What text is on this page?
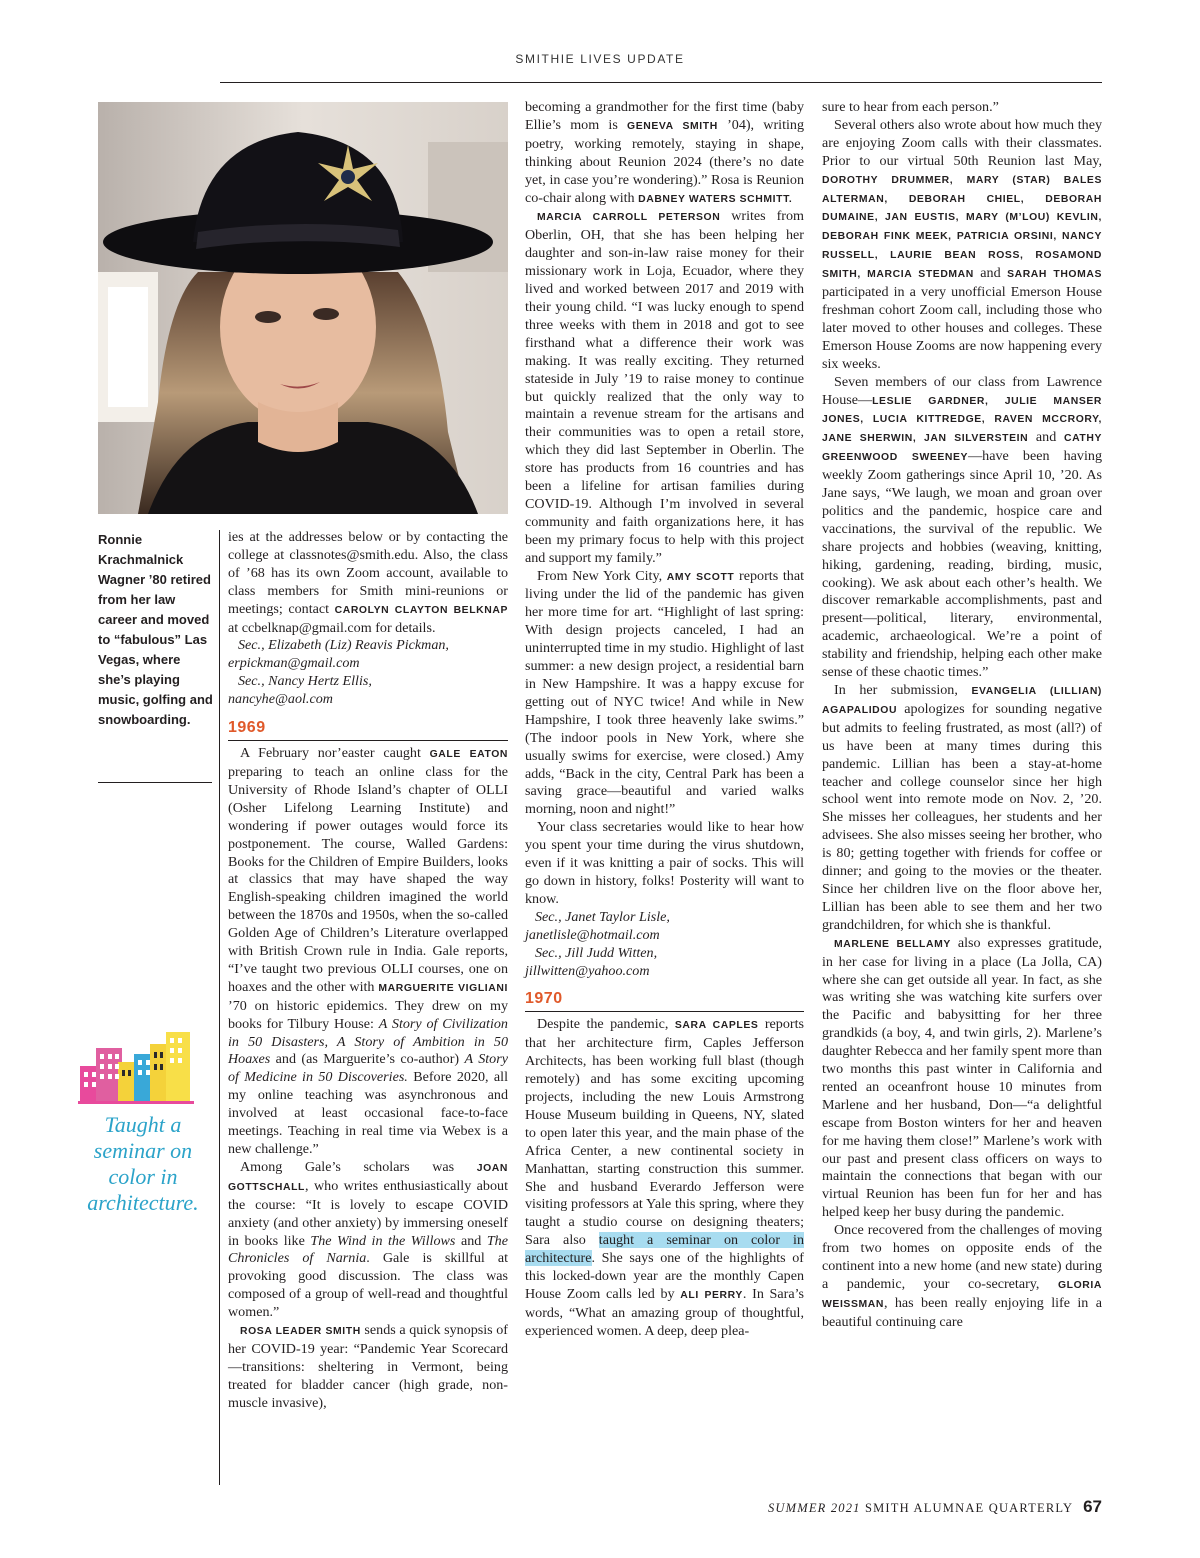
SMITHIE LIVES UPDATE
Ronnie Krachmalnick Wagner ’80 retired from her law career and moved to “fabulous” Las Vegas, where she’s playing music, golfing and snowboarding.
Taught a seminar on color in architecture.

ies at the addresses below or by contacting the college at classnotes@smith.edu. Also, the class of ’68 has its own Zoom account, available to class members for Smith mini-reunions or meetings; contact CAROLYN CLAYTON BELKNAP at ccbelknap@gmail.com for details.

Sec., Elizabeth (Liz) Reavis Pickman,

erpickman@gmail.com

Sec., Nancy Hertz Ellis,

nancyhe@aol.com

1969

A February nor’easter caught GALE EATON preparing to teach an online class for the University of Rhode Island’s chapter of OLLI (Osher Lifelong Learning Institute) and wondering if power outages would force its postponement. The course, Walled Gardens: Books for the Children of Empire Builders, looks at classics that may have shaped the way English-speaking children imagined the world between the 1870s and 1950s, when the so-called Golden Age of Children’s Literature overlapped with British Crown rule in India. Gale reports, “I’ve taught two previous OLLI courses, one on hoaxes and the other with MARGUERITE VIGLIANI ’70 on historic epidemics. They drew on my books for Tilbury House: A Story of Civilization in 50 Disasters, A Story of Ambition in 50 Hoaxes and (as Marguerite’s co-author) A Story of Medicine in 50 Discoveries. Before 2020, all my online teaching was asynchronous and involved at least occasional face-to-face meetings. Teaching in real time via Webex is a new challenge.”

Among Gale’s scholars was JOAN GOTTSCHALL, who writes enthusiastically about the course: “It is lovely to escape COVID anxiety (and other anxiety) by immersing oneself in books like The Wind in the Willows and The Chronicles of Narnia. Gale is skillful at provoking good discussion. The class was composed of a group of well-read and thoughtful women.”

ROSA LEADER SMITH sends a quick synopsis of her COVID-19 year: “Pandemic Year Scorecard—transitions: sheltering in Vermont, being treated for bladder cancer (high grade, non-muscle invasive),

becoming a grandmother for the first time (baby Ellie’s mom is GENEVA SMITH ’04), writing poetry, working remotely, staying in shape, thinking about Reunion 2024 (there’s no date yet, in case you’re wondering).” Rosa is Reunion co-chair along with DABNEY WATERS SCHMITT.

MARCIA CARROLL PETERSON writes from Oberlin, OH, that she has been helping her daughter and son-in-law raise money for their missionary work in Loja, Ecuador, where they lived and worked between 2017 and 2019 with their young child. “I was lucky enough to spend three weeks with them in 2018 and got to see firsthand what a difference their work was making. It was really exciting. They returned stateside in July ’19 to raise money to continue but quickly realized that the only way to maintain a revenue stream for the artisans and their communities was to open a retail store, which they did last September in Oberlin. The store has products from 16 countries and has been a lifeline for artisan families during COVID-19. Although I’m involved in several community and faith organizations here, it has been my primary focus to help with this project and support my family.”

From New York City, AMY SCOTT reports that living under the lid of the pandemic has given her more time for art. “Highlight of last spring: With design projects canceled, I had an uninterrupted time in my studio. Highlight of last summer: a new design project, a residential barn in New Hampshire. It was a happy excuse for getting out of NYC twice! And while in New Hampshire, I took three heavenly lake swims.” (The indoor pools in New York, where she usually swims for exercise, were closed.) Amy adds, “Back in the city, Central Park has been a saving grace—beautiful and varied walks morning, noon and night!”

Your class secretaries would like to hear how you spent your time during the virus shutdown, even if it was knitting a pair of socks. This will go down in history, folks! Posterity will want to know.

Sec., Janet Taylor Lisle,

janetlisle@hotmail.com

Sec., Jill Judd Witten,

jillwitten@yahoo.com

1970

Despite the pandemic, SARA CAPLES reports that her architecture firm, Caples Jefferson Architects, has been working full blast (though remotely) and has some exciting upcoming projects, including the new Louis Armstrong House Museum building in Queens, NY, slated to open later this year, and the main phase of the Africa Center, a new continental society in Manhattan, starting construction this summer. She and husband Everardo Jefferson were visiting professors at Yale this spring, where they taught a studio course on designing theaters; Sara also taught a seminar on color in architecture. She says one of the highlights of this locked-down year are the monthly Capen House Zoom calls led by ALI PERRY. In Sara’s words, “What an amazing group of thoughtful, experienced women. A deep, deep plea-

sure to hear from each person.”

Several others also wrote about how much they are enjoying Zoom calls with their classmates. Prior to our virtual 50th Reunion last May, DOROTHY DRUMMER, MARY (STAR) BALES ALTERMAN, DEBORAH CHIEL, DEBORAH DUMAINE, JAN EUSTIS, MARY (M’LOU) KEVLIN, DEBORAH FINK MEEK, PATRICIA ORSINI, NANCY RUSSELL, LAURIE BEAN ROSS, ROSAMOND SMITH, MARCIA STEDMAN and SARAH THOMAS participated in a very unofficial Emerson House freshman cohort Zoom call, including those who later moved to other houses and colleges. These Emerson House Zooms are now happening every six weeks.

Seven members of our class from Lawrence House—LESLIE GARDNER, JULIE MANSER JONES, LUCIA KITTREDGE, RAVEN MCCRORY, JANE SHERWIN, JAN SILVERSTEIN and CATHY GREENWOOD SWEENEY—have been having weekly Zoom gatherings since April 10, ’20. As Jane says, “We laugh, we moan and groan over politics and the pandemic, hospice care and vaccinations, the survival of the republic. We share projects and hobbies (weaving, knitting, hiking, gardening, reading, birding, music, cooking). We ask about each other’s health. We discover remarkable accomplishments, past and present—political, literary, environmental, academic, archaeological. We’re a point of stability and friendship, helping each other make sense of these chaotic times.”

In her submission, EVANGELIA (LILLIAN) AGAPALIDOU apologizes for sounding negative but admits to feeling frustrated, as most (all?) of us have been at many times during this pandemic. Lillian has been a stay-at-home teacher and college counselor since her high school went into remote mode on Nov. 2, ’20. She misses her colleagues, her students and her advisees. She also misses seeing her brother, who is 80; getting together with friends for coffee or dinner; and going to the movies or the theater. Since her children live on the floor above her, Lillian has been able to see them and her two grandchildren, for which she is thankful.

MARLENE BELLAMY also expresses gratitude, in her case for living in a place (La Jolla, CA) where she can get outside all year. In fact, as she was writing she was watching kite surfers over the Pacific and babysitting for her three grandkids (a boy, 4, and twin girls, 2). Marlene’s daughter Rebecca and her family spent more than two months this past winter in California and rented an oceanfront house 10 minutes from Marlene and her husband, Don—“a delightful escape from Boston winters for her and heaven for me having them close!” Marlene’s work with our past and present class officers on ways to maintain the connections that began with our virtual Reunion has been fun for her and has helped keep her busy during the pandemic.

Once recovered from the challenges of moving from two homes on opposite ends of the continent into a new home (and new state) during a pandemic, your co-secretary, GLORIA WEISSMAN, has been really enjoying life in a beautiful continuing care

SUMMER 2021 SMITH ALUMNAE QUARTERLY 67
